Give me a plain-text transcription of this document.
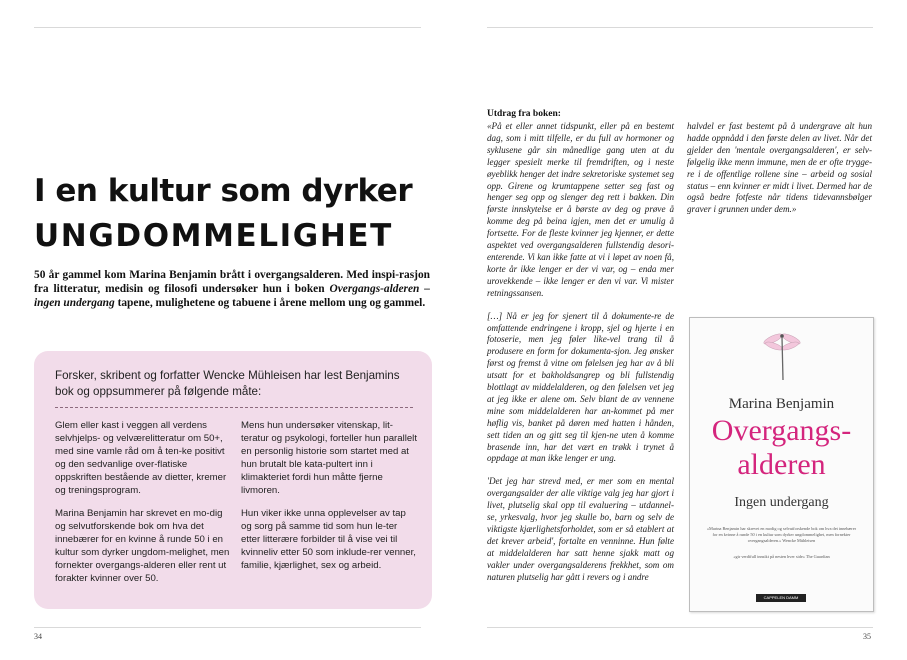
I en kultur som dyrker
UNGDOMMELIGHET
50 år gammel kom Marina Benjamin brått i overgangsalderen. Med inspi-rasjon fra litteratur, medisin og filosofi undersøker hun i boken Overgangs-alderen – ingen undergang tapene, mulighetene og tabuene i årene mellom ung og gammel.
Forsker, skribent og forfatter Wencke Mühleisen har lest Benjamins bok og oppsummerer på følgende måte:

Glem eller kast i veggen all verdens selvhjelps- og velværelitteratur om 50+, med sine vamle råd om å ten-ke positivt og den sedvanlige over-flatiske oppskriften bestående av dietter, kremer og treningsprogram.

Marina Benjamin har skrevet en mo-dig og selvutforskende bok om hva det innebærer for en kvinne å runde 50 i en kultur som dyrker ungdom-melighet, men fornekter overgangs-alderen eller rent ut forakter kvinner over 50.

Mens hun undersøker vitenskap, lit-teratur og psykologi, forteller hun parallelt en personlig historie som startet med at hun brutalt ble kata-pultert inn i klimakteriet fordi hun måtte fjerne livmoren.

Hun viker ikke unna opplevelser av tap og sorg på samme tid som hun le-ter etter litterære forbilder til å vise vei til kvinneliv etter 50 som inklude-rer venner, familie, kjærlighet, sex og arbeid.

34
Utdrag fra boken:

«På et eller annet tidspunkt, eller på en bestemt dag, som i mitt tilfelle, er du full av hormoner og syklusene går sin månedlige gang uten at du legger spesielt merke til fremdriften, og i neste øyeblikk henger det indre sekretoriske systemet seg opp. Girene og krumtappene setter seg fast og henger seg opp og slenger deg rett i bakken. Din første innskytelse er å børste av deg og prøve å komme deg på beina igjen, men det er umulig å fortsette. For de fleste kvinner jeg kjenner, er dette aspektet ved overgangsalderen fullstendig desori-enterende. Vi kan ikke fatte at vi i løpet av noen få, korte år ikke lenger er der vi var, og – enda mer urovekkende – ikke lenger er den vi var. Vi mister retningssansen.

[…] Nå er jeg for sjenert til å dokumente-re de omfattende endringene i kropp, sjel og hjerte i en fotoserie, men jeg føler like-vel trang til å produsere en form for dokumenta-sjon. Jeg ønsker først og fremst å vitne om følelsen jeg har av å bli utsatt for et bakholdsangrep og bli fullstendig blottlagt av middelalderen, og den følelsen vet jeg at jeg ikke er alene om. Selv blant de av vennene mine som middelalderen har an-kommet på mer høflig vis, banket på døren med hatten i hånden, sett tiden an og gitt seg til kjen-ne uten å komme brasende inn, har det vært en trøkk i trynet å oppdage at man ikke lenger er ung.

'Det jeg har strevd med, er mer som en mental overgangsalder der alle viktige valg jeg har gjort i livet, plutselig skal opp til evaluering – utdannel-se, yrkesvalg, hvor jeg skulle bo, barn og selv de viktigste kjærlighetsforholdet, som er så etablert at det krever arbeid', fortalte en venninne. Hun følte at middelalderen har satt henne sjakk matt og vakler under overgangsalderens frekkhet, som om naturen plutselig har gått i revers og i andre

halvdel er fast bestemt på å undergrave alt hun hadde oppnådd i den første delen av livet. Når det gjelder den 'mentale overgangsalderen', er selv-følgelig ikke menn immune, men de er ofte trygge-re i de offentlige rollene sine – arbeid og sosial status – enn kvinner er midt i livet. Dermed har de også bedre fotfeste når tidens tidevannsbølger graver i grunnen under dem.»

Marina Benjamin
Overgangs-
alderen
Ingen undergang
«Marina Benjamin har skrevet en modig og selvutforskende bok om hva det innebærer for en kvinne å runde 50 i en kultur som dyrker ungdommelighet, men fornekter overgangsalderen.» Wencke Mühleisen
«gir verdifull innsikt på nesten hver side» The Guardian
CAPPELEN DAMM
35
